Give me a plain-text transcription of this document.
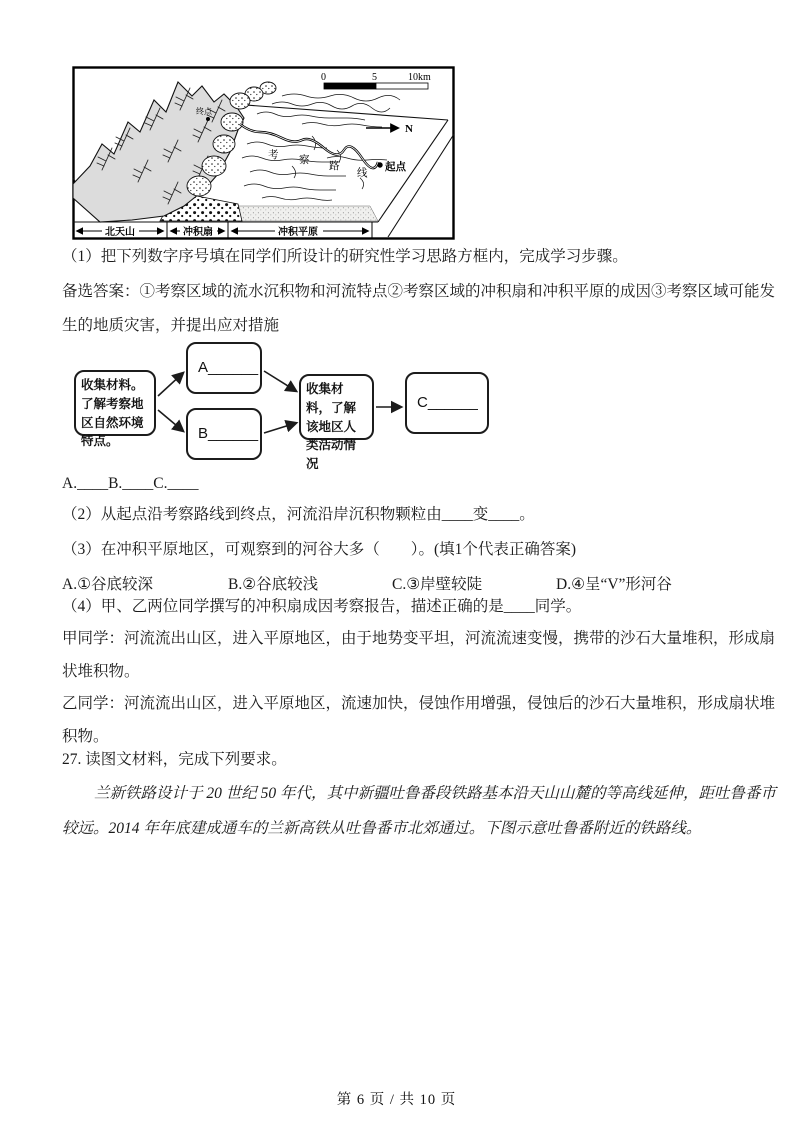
考 察
路
线
起点
终点
0	5	10km
N
北天山	冲积扇	冲积平原
（1）把下列数字序号填在同学们所设计的研究性学习思路方框内，完成学习步骤。
备选答案：①考察区域的流水沉积物和河流特点②考察区域的冲积扇和冲积平原的成因③考察区域可能发
生的地质灾害，并提出应对措施
收集材料。了解考察地区自然环境特点。
A ______
B ______
收集材料，了解该地区人类活动情况
C ______
A.____B.____C.____
（2）从起点沿考察路线到终点，河流沿岸沉积物颗粒由____变____。
（3）在冲积平原地区，可观察到的河谷大多（　　）。(填1个代表正确答案)
A.①谷底较深	B.②谷底较浅	C.③岸壁较陡	D.④呈“V”形河谷
（4）甲、乙两位同学撰写的冲积扇成因考察报告，描述正确的是____同学。
甲同学：河流流出山区，进入平原地区，由于地势变平坦，河流流速变慢，携带的沙石大量堆积，形成扇
状堆积物。
乙同学：河流流出山区，进入平原地区，流速加快，侵蚀作用增强，侵蚀后的沙石大量堆积，形成扇状堆
积物。
27. 读图文材料，完成下列要求。
兰新铁路设计于 20 世纪 50 年代，其中新疆吐鲁番段铁路基本沿天山山麓的等高线延伸，距吐鲁番市
较远。2014 年年底建成通车的兰新高铁从吐鲁番市北郊通过。下图示意吐鲁番附近的铁路线。
第 6 页 / 共 10 页
